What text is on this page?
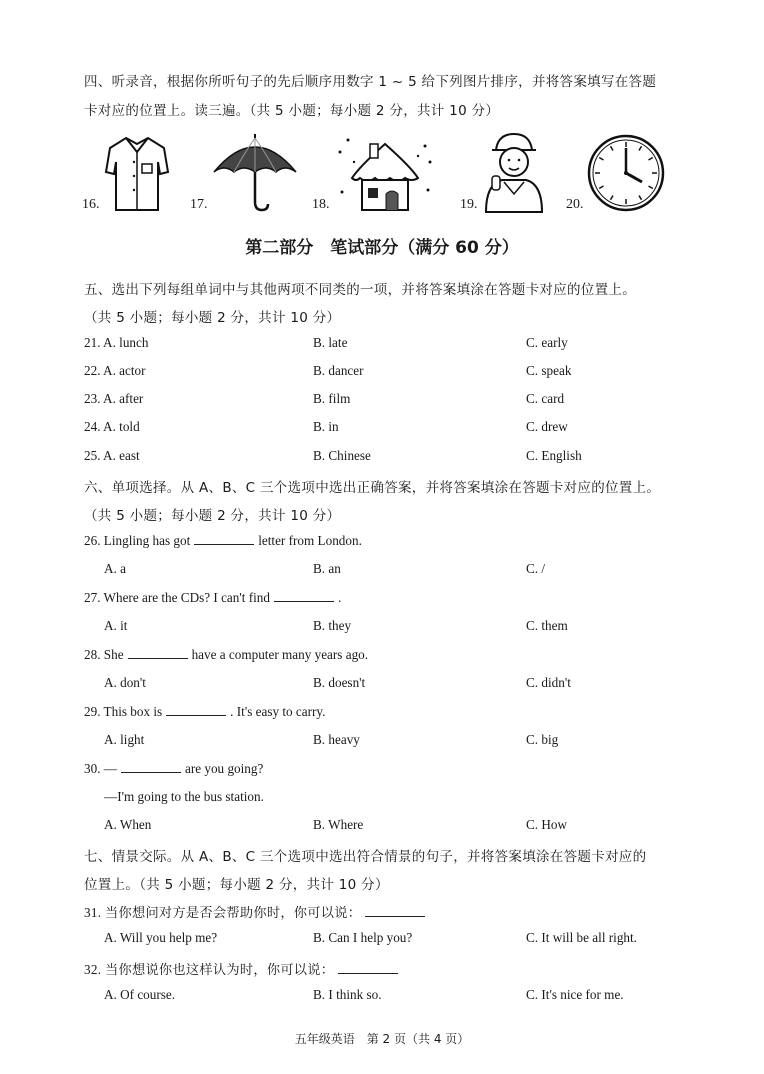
四、听录音，根据你所听句子的先后顺序用数字 1 ~ 5 给下列图片排序，并将答案填写在答题
卡对应的位置上。读三遍。（共 5 小题；每小题 2 分，共计 10 分）
16.	17.	18.	19.	20.
第二部分　笔试部分（满分 60 分）
五、选出下列每组单词中与其他两项不同类的一项，并将答案填涂在答题卡对应的位置上。
（共 5 小题；每小题 2 分，共计 10 分）
21. A. lunch	B. late	C. early
22. A. actor	B. dancer	C. speak
23. A. after	B. film	C. card
24. A. told	B. in	C. drew
25. A. east	B. Chinese	C. English
六、单项选择。从 A、B、C 三个选项中选出正确答案，并将答案填涂在答题卡对应的位置上。
（共 5 小题；每小题 2 分，共计 10 分）
26. Lingling has got	letter from London.
A. a	B. an	C. /
27. Where are the CDs? I can't find	.
A. it	B. they	C. them
28. She	have a computer many years ago.
A. don't	B. doesn't	C. didn't
29. This box is	. It's easy to carry.
A. light	B. heavy	C. big
30. —	are you going?
—I'm going to the bus station.
A. When	B. Where	C. How
七、情景交际。从 A、B、C 三个选项中选出符合情景的句子，并将答案填涂在答题卡对应的
位置上。（共 5 小题；每小题 2 分，共计 10 分）
31. 当你想问对方是否会帮助你时，你可以说：
A. Will you help me?	B. Can I help you?	C. It will be all right.
32. 当你想说你也这样认为时，你可以说：
A. Of course.	B. I think so.	C. It's nice for me.
五年级英语　第 2 页（共 4 页）
